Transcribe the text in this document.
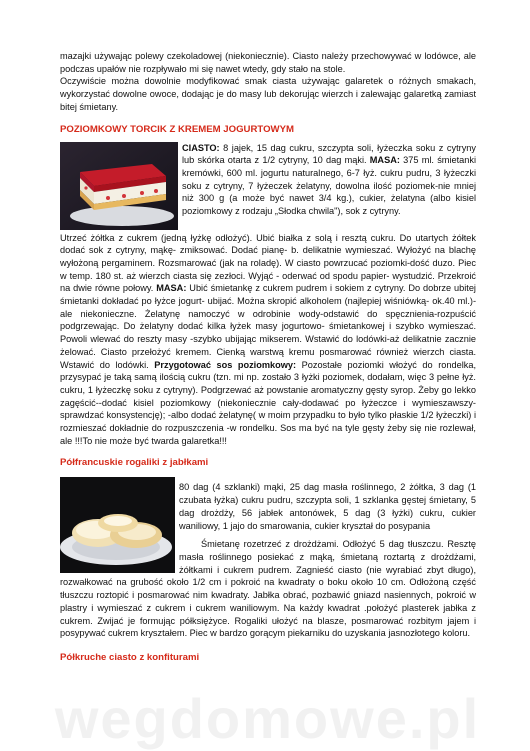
wegdomowe.pl

mazajki używając polewy czekoladowej (niekoniecznie). Ciasto należy przechowywać w lodówce, ale podczas upałów nie rozpływało mi się nawet wtedy, gdy stało na stole.

Oczywiście można dowolnie modyfikować smak ciasta używając galaretek o różnych smakach, wykorzystać dowolne owoce, dodając je do masy lub dekorując wierzch i zalewając galaretką zamiast bitej śmietany.

POZIOMKOWY TORCIK Z KREMEM JOGURTOWYM

CIASTO: 8 jajek, 15 dag cukru, szczypta soli, łyżeczka soku z cytryny lub skórka otarta z 1/2 cytryny, 10 dag mąki. MASA: 375 ml. śmietanki kremówki, 600 ml. jogurtu naturalnego, 6-7 łyż. cukru pudru, 3 łyżeczki soku z cytryny, 7 łyżeczek żelatyny, dowolna ilość poziomek-nie mniej niż 300 g (a może być nawet 3/4 kg.), cukier, żelatyna (albo kisiel poziomkowy z rodzaju „Słodka chwila"), sok z cytryny.

Utrzeć żółtka z cukrem (jedną łyżkę odłożyć). Ubić białka z solą i resztą cukru. Do utartych żółtek dodać sok z cytryny, mąkę- zmiksować. Dodać pianę- b. delikatnie wymieszać. Wyłożyć na blachę wyłożoną pergaminem. Rozsmarować (jak na roladę). W ciasto powrzucać poziomki-dość duzo. Piec w temp. 180 st. aż wierzch ciasta się zezłoci. Wyjąć - oderwać od spodu papier- wystudzić. Przekroić na dwie równe połowy. MASA: Ubić śmietankę z cukrem pudrem i sokiem z cytryny. Do dobrze ubitej śmietanki dokładać po łyżce jogurt- ubijać. Można skropić alkoholem (najlepiej wiśniówką- ok.40 ml.)- ale niekonieczne. Żelatynę namoczyć w odrobinie wody-odstawić do spęcznienia-rozpuścić podgrzewając. Do żelatyny dodać kilka łyżek masy jogurtowo- śmietankowej i szybko wymieszać. Powoli wlewać do reszty masy -szybko ubijając mikserem. Wstawić do lodówki-aż delikatnie zacznie żelować. Ciasto przełożyć kremem. Cienką warstwą kremu posmarować również wierzch ciasta. Wstawić do lodówki. Przygotować sos poziomkowy: Pozostałe poziomki włożyć do rondelka, przysypać je taką samą ilością cukru (tzn. mi np. zostało 3 łyżki poziomek, dodałam, więc 3 pełne łyż. cukru, 1 łyżeczkę soku z cytryny). Podgrzewać aż powstanie aromatyczny gęsty syrop. Żeby go lekko zagęścić--dodać kisiel poziomkowy (niekoniecznie cały-dodawać po łyżeczce i wymieszawszy-sprawdzać konsystencję); -albo dodać żelatynę( w moim przypadku to było tylko płaskie 1/2 łyżeczki) i rozmieszać dokładnie do rozpuszczenia -w rondelku. Sos ma być na tyle gęsty żeby się nie rozlewał, ale !!!To nie może być twarda galaretka!!!

Półfrancuskie rogaliki z jabłkami

80 dag (4 szklanki) mąki, 25 dag masła roślinnego, 2 żółtka, 3 dag (1 czubata łyżka) cukru pudru, szczypta soli, 1 szklanka gęstej śmietany, 5 dag drożdży, 56 jabłek antonówek, 5 dag (3 łyżki) cukru, cukier waniliowy, 1 jajo do smarowania, cukier kryształ do posypania

Śmietanę rozetrzeć z drożdżami. Odłożyć 5 dag tłuszczu. Resztę masła roślinnego posiekać z mąką, śmietaną roztartą z drożdżami, żółtkami i cukrem pudrem. Zagnieść ciasto (nie wyrabiać zbyt długo), rozwałkować na grubość około 1/2 cm i pokroić na kwadraty o boku około 10 cm. Odłożoną część tłuszczu roztopić i posmarować nim kwadraty. Jabłka obrać, pozbawić gniazd nasiennych, pokroić w plastry i wymieszać z cukrem i cukrem waniliowym. Na każdy kwadrat .położyć plasterek jabłka z cukrem. Zwijać je formując półksiężyce. Rogaliki ułożyć na blasze, posmarować rozbitym jajem i posypywać cukrem kryształem. Piec w bardzo gorącym piekarniku do uzyskania jasnozłotego koloru.

Półkruche ciasto z konfiturami
